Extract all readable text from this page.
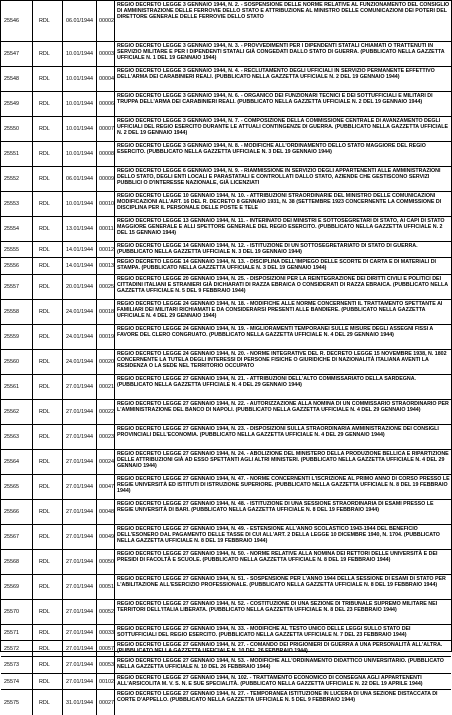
25546	RDL	06.01/1944 00002
REGIO DECRETO LEGGE 3 GENNAIO 1944, N. 2. - SOSPENSIONE DELLE NORME RELATIVE AL FUNZIONAMENTO DEL CONSIGLIO DI AMMINISTRAZIONE DELLE FERROVIE DELLO STATO E ATTRIBUZIONE AL MINISTRO DELLE COMUNICAZIONI DEI POTERI DEL DIRETTORE GENERALE DELLE FERROVIE DELLO STATO
25547	RDL	10.01/1944 00003
REGIO DECRETO LEGGE 3 GENNAIO 1944, N. 3. - PROVVEDIMENTI PER I DIPENDENTI STATALI CHIAMATI O TRATTENUTI IN SERVIZIO MILITARE E PER I DIPENDENTI STATALI GIÀ CONGEDATI DALLO STATO DI GUERRA. (PUBBLICATO NELLA GAZZETTA UFFICIALE N. 1 DEL 19 GENNAIO 1944)
25548	RDL	10.01/1944 00004
REGIO DECRETO LEGGE 3 GENNAIO 1944, N. 4. - RECLUTAMENTO DEGLI UFFICIALI IN SERVIZIO PERMANENTE EFFETTIVO DELL'ARMA DEI CARABINIERI REALI. (PUBBLICATO NELLA GAZZETTA UFFICIALE N. 2 DEL 19 GENNAIO 1944)
25549	RDL	10.01/1944 00006
REGIO DECRETO LEGGE 3 GENNAIO 1944, N. 6. - ORGANICO DEI FUNZIONARI TECNICI E DEI SOTTUFFICIALI E MILITARI DI TRUPPA DELL'ARMA DEI CARABINIERI REALI. (PUBBLICATO NELLA GAZZETTA UFFICIALE N. 2 DEL 19 GENNAIO 1944)
25550	RDL	10.01/1944 00007
REGIO DECRETO LEGGE 3 GENNAIO 1944, N. 7. - COMPOSIZIONE DELLA COMMISSIONE CENTRALE DI AVANZAMENTO DEGLI UFFICIALI DEL REGIO ESERCITO DURANTE LE ATTUALI CONTINGENZE DI GUERRA. (PUBBLICATO NELLA GAZZETTA UFFICIALE N. 2 DEL 19 GENNAIO 1944)
25551	RDL	10.01/1944 00008
REGIO DECRETO LEGGE 3 GENNAIO 1944, N. 8. - MODIFICHE ALL'ORDINAMENTO DELLO STATO MAGGIORE DEL REGIO ESERCITO. (PUBBLICATO NELLA GAZZETTA UFFICIALE N. 3 DEL 19 GENNAIO 1944)
25552	RDL	06.01/1944 00009
REGIO DECRETO LEGGE 6 GENNAIO 1944, N. 9. - RIAMMISSIONE IN SERVIZIO DEGLI APPARTENENTI ALLE AMMINISTRAZIONI DELLO STATO, DEGLI ENTI LOCALI E PARASTATALI E CONTROLLATI DALLO STATO, AZIENDE CHE GESTISCONO SERVIZI PUBBLICI O D'INTERESSE NAZIONALE, GIÀ LICENZIATI
25553	RDL	10.01/1944 00010
REGIO DECRETO LEGGE 10 GENNAIO 1944, N. 10. - ATTRIBUZIONI STRAORDINARIE DEL MINISTRO DELLE COMUNICAZIONI MODIFICAZIONI ALL'ART. 16 DEL R. DECRETO 8 GENNAIO 1931, N. 38 (SETTEMBRE 1923 CONCERNENTE LA COMMISSIONE DI DISCIPLINA PER IL PERSONALE DELLE POSTE E TELE
25554	RDL	13.01/1944 00011
REGIO DECRETO LEGGE 13 GENNAIO 1944, N. 11. - INTERINATO DEI MINISTRI E SOTTOSEGRETARI DI STATO, AI CAPI DI STATO MAGGIORE GENERALE E ALLI SPETTORE GENERALE DEL REGIO ESERCITO. (PUBBLICATO NELLA GAZZETTA UFFICIALE N. 2 DEL 15 GENNAIO 1944)
25555	RDL	14.01/1944 00012
REGIO DECRETO LEGGE 14 GENNAIO 1944, N. 12. - ISTITUZIONE DI UN SOTTOSEGRETARIATO DI STATO DI GUERRA. (PUBBLICATO NELLA GAZZETTA UFFICIALE N. 3 DEL 19 GENNAIO 1944)
25556	RDL	14.01/1944 00013
REGIO DECRETO LEGGE 14 GENNAIO 1944, N. 13. - DISCIPLINA DELL'IMPIEGO DELLE SCORTE DI CARTA E DI MATERIALI DI STAMPA. (PUBBLICATO NELLA GAZZETTA UFFICIALE N. 3 DEL 19 GENNAIO 1944)
25557	RDL	20.01/1944 00025
REGIO DECRETO LEGGE 20 GENNAIO 1944, N. 25. - DISPOSIZIONI PER LA REINTEGRAZIONE DEI DIRITTI CIVILI E POLITICI DEI CITTADINI ITALIANI E STRANIERI GIÀ DICHIARATI DI RAZZA EBRAICA O CONSIDERATI DI RAZZA EBRAICA. (PUBBLICATO NELLA GAZZETTA UFFICIALE N. 5 DEL 9 FEBBRAIO 1944)
25558	RDL	24.01/1944 00018
REGIO DECRETO LEGGE 24 GENNAIO 1944, N. 18. - MODIFICHE ALLE NORME CONCERNENTI IL TRATTAMENTO SPETTANTE AI FAMILIARI DEI MILITARI RICHIAMATI E DA CONSIDERARSI PRESENTI ALLE BANDIERE. (PUBBLICATO NELLA GAZZETTA UFFICIALE N. 4 DEL 29 GENNAIO 1944)
25559	RDL	24.01/1944 00019
REGIO DECRETO LEGGE 24 GENNAIO 1944, N. 19. - MIGLIORAMENTI TEMPORANEI SULLE MISURE DEGLI ASSEGNI FISSI A FAVORE DEL CLERO CONGRUATO. (PUBBLICATO NELLA GAZZETTA UFFICIALE N. 4 DEL 29 GENNAIO 1944)
25560	RDL	24.01/1944 00020
REGIO DECRETO LEGGE 24 GENNAIO 1944, N. 20. - NORME INTEGRATIVE DEL R. DECRETO LEGGE 15 NOVEMBRE 1938, N. 1802 CONCERNENTE LA TUTELA DEGLI INTERESSI DI PERSONE FISICHE O GIURIDICHE DI NAZIONALITÀ ITALIANA AVENTI LA RESIDENZA O LA SEDE NEL TERRITORIO OCCUPATO
25561	RDL	27.01/1944 00021
REGIO DECRETO LEGGE 27 GENNAIO 1944, N. 21. - ATTRIBUZIONI DELL'ALTO COMMISSARIATO DELLA SARDEGNA. (PUBBLICATO NELLA GAZZETTA UFFICIALE N. 4 DEL 29 GENNAIO 1944)
25562	RDL	27.01/1944 00022
REGIO DECRETO LEGGE 27 GENNAIO 1944, N. 22. - AUTORIZZAZIONE ALLA NOMINA DI UN COMMISSARIO STRAORDINARIO PER L'AMMINISTRAZIONE DEL BANCO DI NAPOLI. (PUBBLICATO NELLA GAZZETTA UFFICIALE N. 4 DEL 29 GENNAIO 1944)
25563	RDL	27.01/1944 00023
REGIO DECRETO LEGGE 27 GENNAIO 1944, N. 23. - DISPOSIZIONI SULLA STRAORDINARIA AMMINISTRAZIONE DEI CONSIGLI PROVINCIALI DELL'ECONOMIA. (PUBBLICATO NELLA GAZZETTA UFFICIALE N. 4 DEL 29 GENNAIO 1944)
25564	RDL	27.01/1944 00024
REGIO DECRETO LEGGE 27 GENNAIO 1944, N. 24. - ABOLIZIONE DEL MINISTERO DELLA PRODUZIONE BELLICA E RIPARTIZIONE DELLE ATTRIBUZIONI GIÀ AD ESSO SPETTANTI AGLI ALTRI MINISTERI. (PUBBLICATO NELLA GAZZETTA UFFICIALE N. 4 DEL 29 GENNAIO 1944)
25565	RDL	27.01/1944 00047
REGIO DECRETO LEGGE 27 GENNAIO 1944, N. 47. - NORME CONCERNENTI L'ISCRIZIONE AL PRIMO ANNO DI CORSO PRESSO LE REGIE UNIVERSITÀ ED ISTITUTI DI ISTRUZIONE SUPERIORE. (PUBBLICATO NELLA GAZZETTA UFFICIALE N. 8 DEL 19 FEBBRAIO 1944)
25566	RDL	27.01/1944 00048
REGIO DECRETO LEGGE 27 GENNAIO 1944, N. 48. - ISTITUZIONE DI UNA SESSIONE STRAORDINARIA DI ESAMI PRESSO LE REGIE UNIVERSITÀ DI BARI. (PUBBLICATO NELLA GAZZETTA UFFICIALE N. 8 DEL 19 FEBBRAIO 1944)
25567	RDL	27.01/1944 00049
REGIO DECRETO LEGGE 27 GENNAIO 1944, N. 49. - ESTENSIONE ALL'ANNO SCOLASTICO 1943-1944 DEL BENEFICIO DELL'ESONERO DAL PAGAMENTO DELLE TASSE DI CUI ALL'ART. 2 DELLA LEGGE 10 DICEMBRE 1940, N. 1704. (PUBBLICATO NELLA GAZZETTA UFFICIALE N. 8 DEL 19 FEBBRAIO 1944)
25568	RDL	27.01/1944 00050
REGIO DECRETO LEGGE 27 GENNAIO 1944, N. 50. - NORME RELATIVE ALLA NOMINA DEI RETTORI DELLE UNIVERSITÀ E DEI PRESIDI DI FACOLTÀ E SCUOLE. (PUBBLICATO NELLA GAZZETTA UFFICIALE N. 8 DEL 19 FEBBRAIO 1944)
25569	RDL	27.01/1944 00051
REGIO DECRETO LEGGE 27 GENNAIO 1944, N. 51. - SOSPENSIONE PER L'ANNO 1944 DELLA SESSIONE DI ESAMI DI STATO PER L'ABILITAZIONE ALL'ESERCIZIO PROFESSIONALE. (PUBBLICATO NELLA GAZZETTA UFFICIALE N. 8 DEL 19 FEBBRAIO 1944)
25570	RDL	27.01/1944 00052
REGIO DECRETO LEGGE 27 GENNAIO 1944, N. 52. - COSTITUZIONE DI UNA SEZIONE DI TRIBUNALE SUPREMO MILITARE NEI TERRITORI DELL'ITALIA LIBERATA. (PUBBLICATO NELLA GAZZETTA UFFICIALE N. 8 DEL 23 FEBBRAIO 1944)
25571	RDL	27.01/1944 00033
REGIO DECRETO LEGGE 27 GENNAIO 1944, N. 33. - MODIFICHE AL TESTO UNICO DELLE LEGGI SULLO STATO DEI SOTTUFFICIALI DEL REGIO ESERCITO. (PUBBLICATO NELLA GAZZETTA UFFICIALE N. 7 DEL 23 FEBBRAIO 1944)
25572	RDL	27.01/1944 00057
REGIO DECRETO LEGGE 27 GENNAIO 1944, N. 27. - COMANDO DEI PRIGIONIERI DI GUERRA A UNA PERSONALITÀ ALL'ALTRA. (PUBBLICATO NELLA GAZZETTA UFFICIALE N. 10 DEL 26 FEBBRAIO 1944)
25573	RDL	27.01/1944 00053
REGIO DECRETO LEGGE 27 GENNAIO 1944, N. 53. - MODIFICHE ALL'ORDINAMENTO DIDATTICO UNIVERSITARIO. (PUBBLICATO NELLA GAZZETTA UFFICIALE N. 10 DEL 26 FEBBRAIO 1944)
25574	RDL	27.01/1944 00102
REGIO DECRETO LEGGE 27 GENNAIO 1944, N. 102. - TRATTAMENTO ECONOMICO DI CONSEGNA AGLI APPARTENENTI ALL'ARSICOLITA M. V. S. N. E SUE SPECIALITÀ. (PUBBLICATO NELLA GAZZETTA UFFICIALE N. 22 DEL 19 APRILE 1944)
25575	RDL	31.01/1944 00027
REGIO DECRETO LEGGE 27 GENNAIO 1944, N. 27. - TEMPORANEA ISTITUZIONE IN LUCERA DI UNA SEZIONE DISTACCATA DI CORTE D'APPELLO. (PUBBLICATO NELLA GAZZETTA UFFICIALE N. 5 DEL 9 FEBBRAIO 1944)
